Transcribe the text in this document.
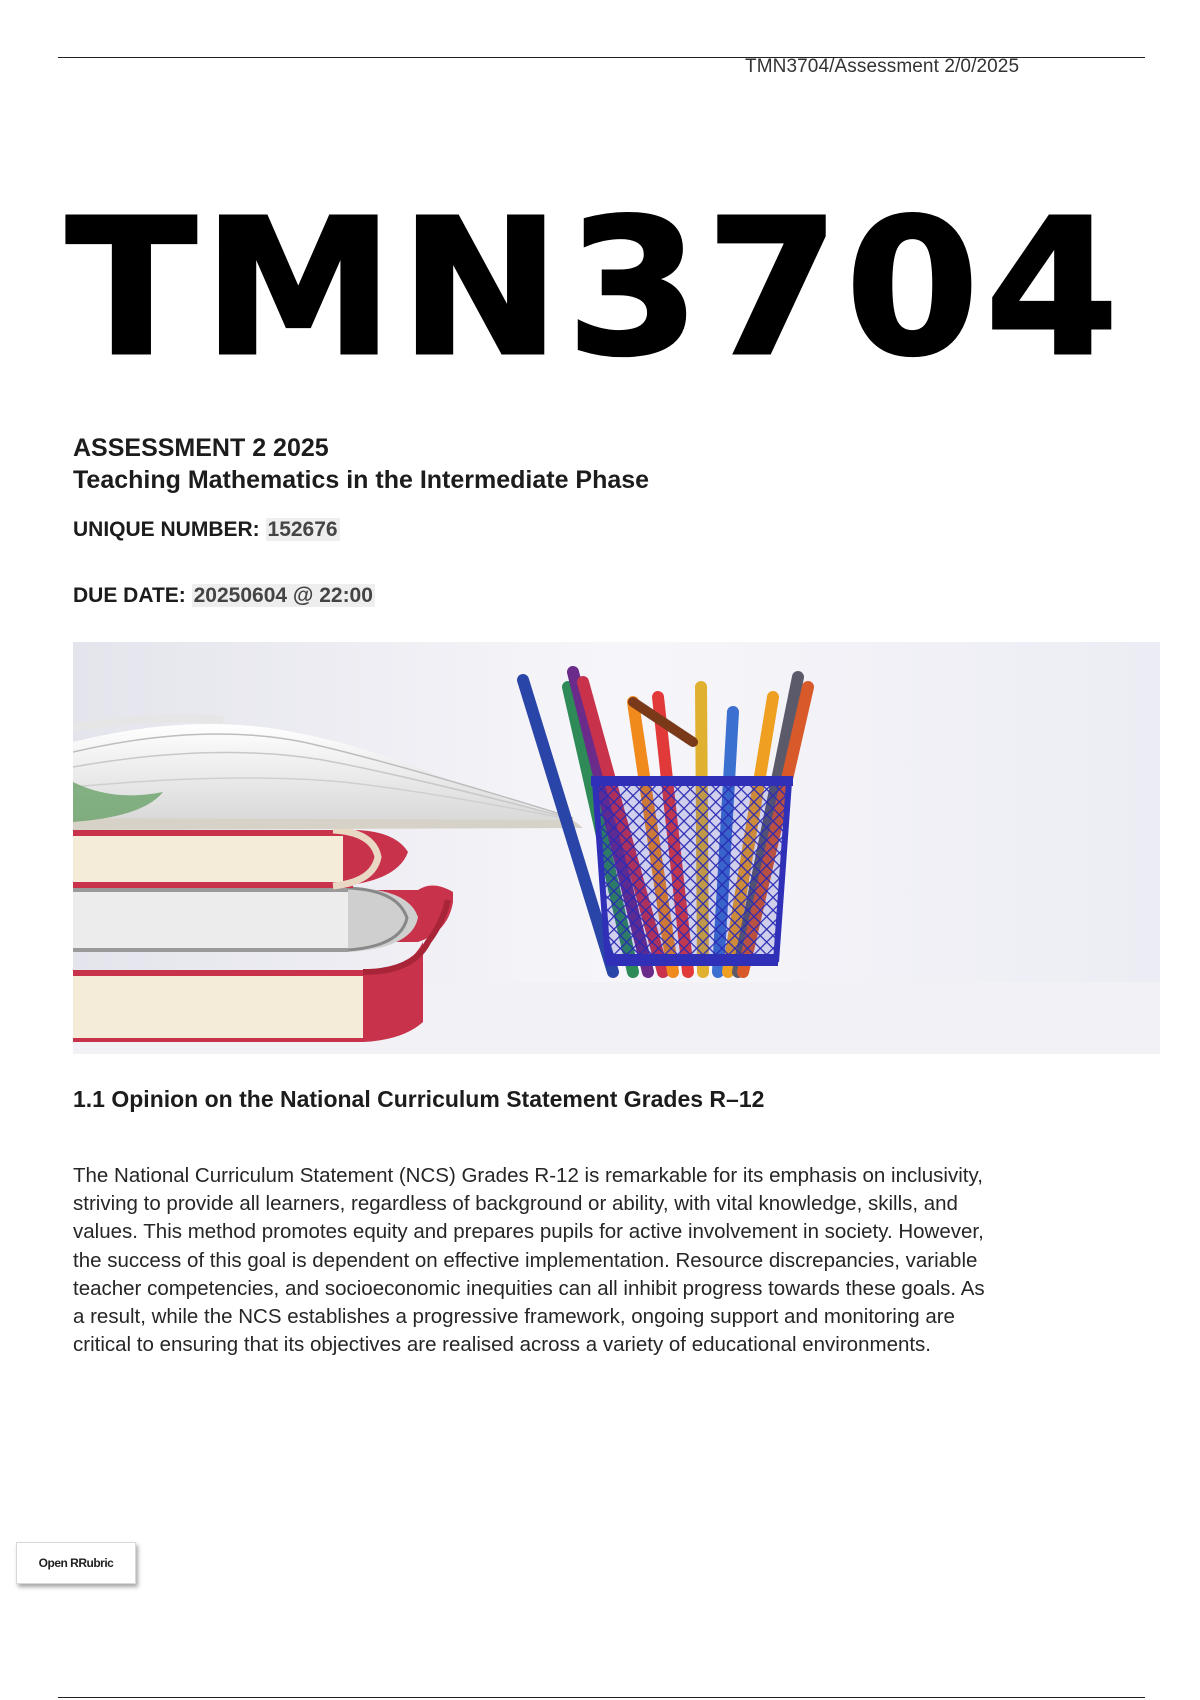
TMN3704/Assessment 2/0/2025
TMN3704
ASSESSMENT 2 2025
Teaching Mathematics in the Intermediate Phase
UNIQUE NUMBER: 152676
DUE DATE: 20250604 @ 22:00
1.1 Opinion on the National Curriculum Statement Grades R–12
The National Curriculum Statement (NCS) Grades R-12 is remarkable for its emphasis on inclusivity,
striving to provide all learners, regardless of background or ability, with vital knowledge, skills, and
values. This method promotes equity and prepares pupils for active involvement in society. However,
the success of this goal is dependent on effective implementation. Resource discrepancies, variable
teacher competencies, and socioeconomic inequities can all inhibit progress towards these goals. As
a result, while the NCS establishes a progressive framework, ongoing support and monitoring are
critical to ensuring that its objectives are realised across a variety of educational environments.
Open RRubric
